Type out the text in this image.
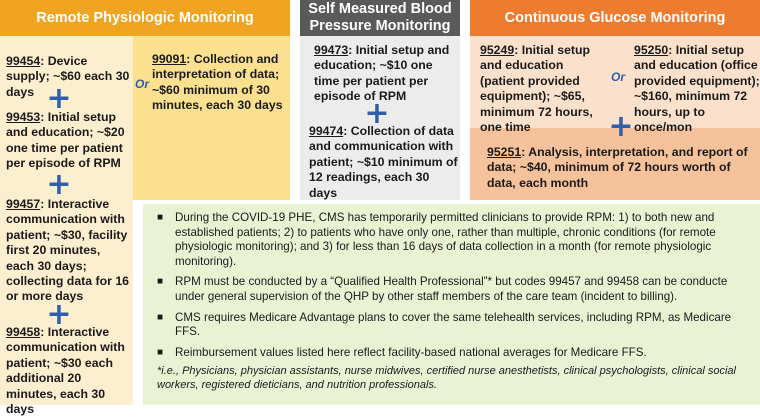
Remote Physiologic Monitoring
99454: Device supply; ~$60 each 30 days +
99453: Initial setup and education; ~$20 one time per patient per episode of RPM
+
99457: Interactive communication with patient; ~$30, facility first 20 minutes, each 30 days; collecting data for 16 or more days
+
99458: Interactive communication with patient; ~$30 each additional 20 minutes, each 30 days
Or
99091: Collection and interpretation of data; ~$60 minimum of 30 minutes, each 30 days
Self Measured Blood Pressure Monitoring
99473: Initial setup and education; ~$10 one time per patient per episode of RPM
+
99474: Collection of data and communication with patient; ~$10 minimum of 12 readings, each 30 days
Continuous Glucose Monitoring
95249: Initial setup and education (patient provided equipment); ~$65, minimum 72 hours, one time
Or
95250: Initial setup and education (office provided equipment); ~$160, minimum 72 hours, up to once/mon
+
95251: Analysis, interpretation, and report of data; ~$40, minimum of 72 hours worth of data, each month
■	During the COVID-19 PHE, CMS has temporarily permitted clinicians to provide RPM: 1) to both new and established patients; 2) to patients who have only one, rather than multiple, chronic conditions (for remote physiologic monitoring); and 3) for less than 16 days of data collection in a month (for remote physiologic monitoring).
■	RPM must be conducted by a “Qualified Health Professional”* but codes 99457 and 99458 can be conducte under general supervision of the QHP by other staff members of the care team (incident to billing).
■	CMS requires Medicare Advantage plans to cover the same telehealth services, including RPM, as Medicare FFS.
■	Reimbursement values listed here reflect facility-based national averages for Medicare FFS.
*i.e., Physicians, physician assistants, nurse midwives, certified nurse anesthetists, clinical psychologists, clinical social workers, registered dieticians, and nutrition professionals.
